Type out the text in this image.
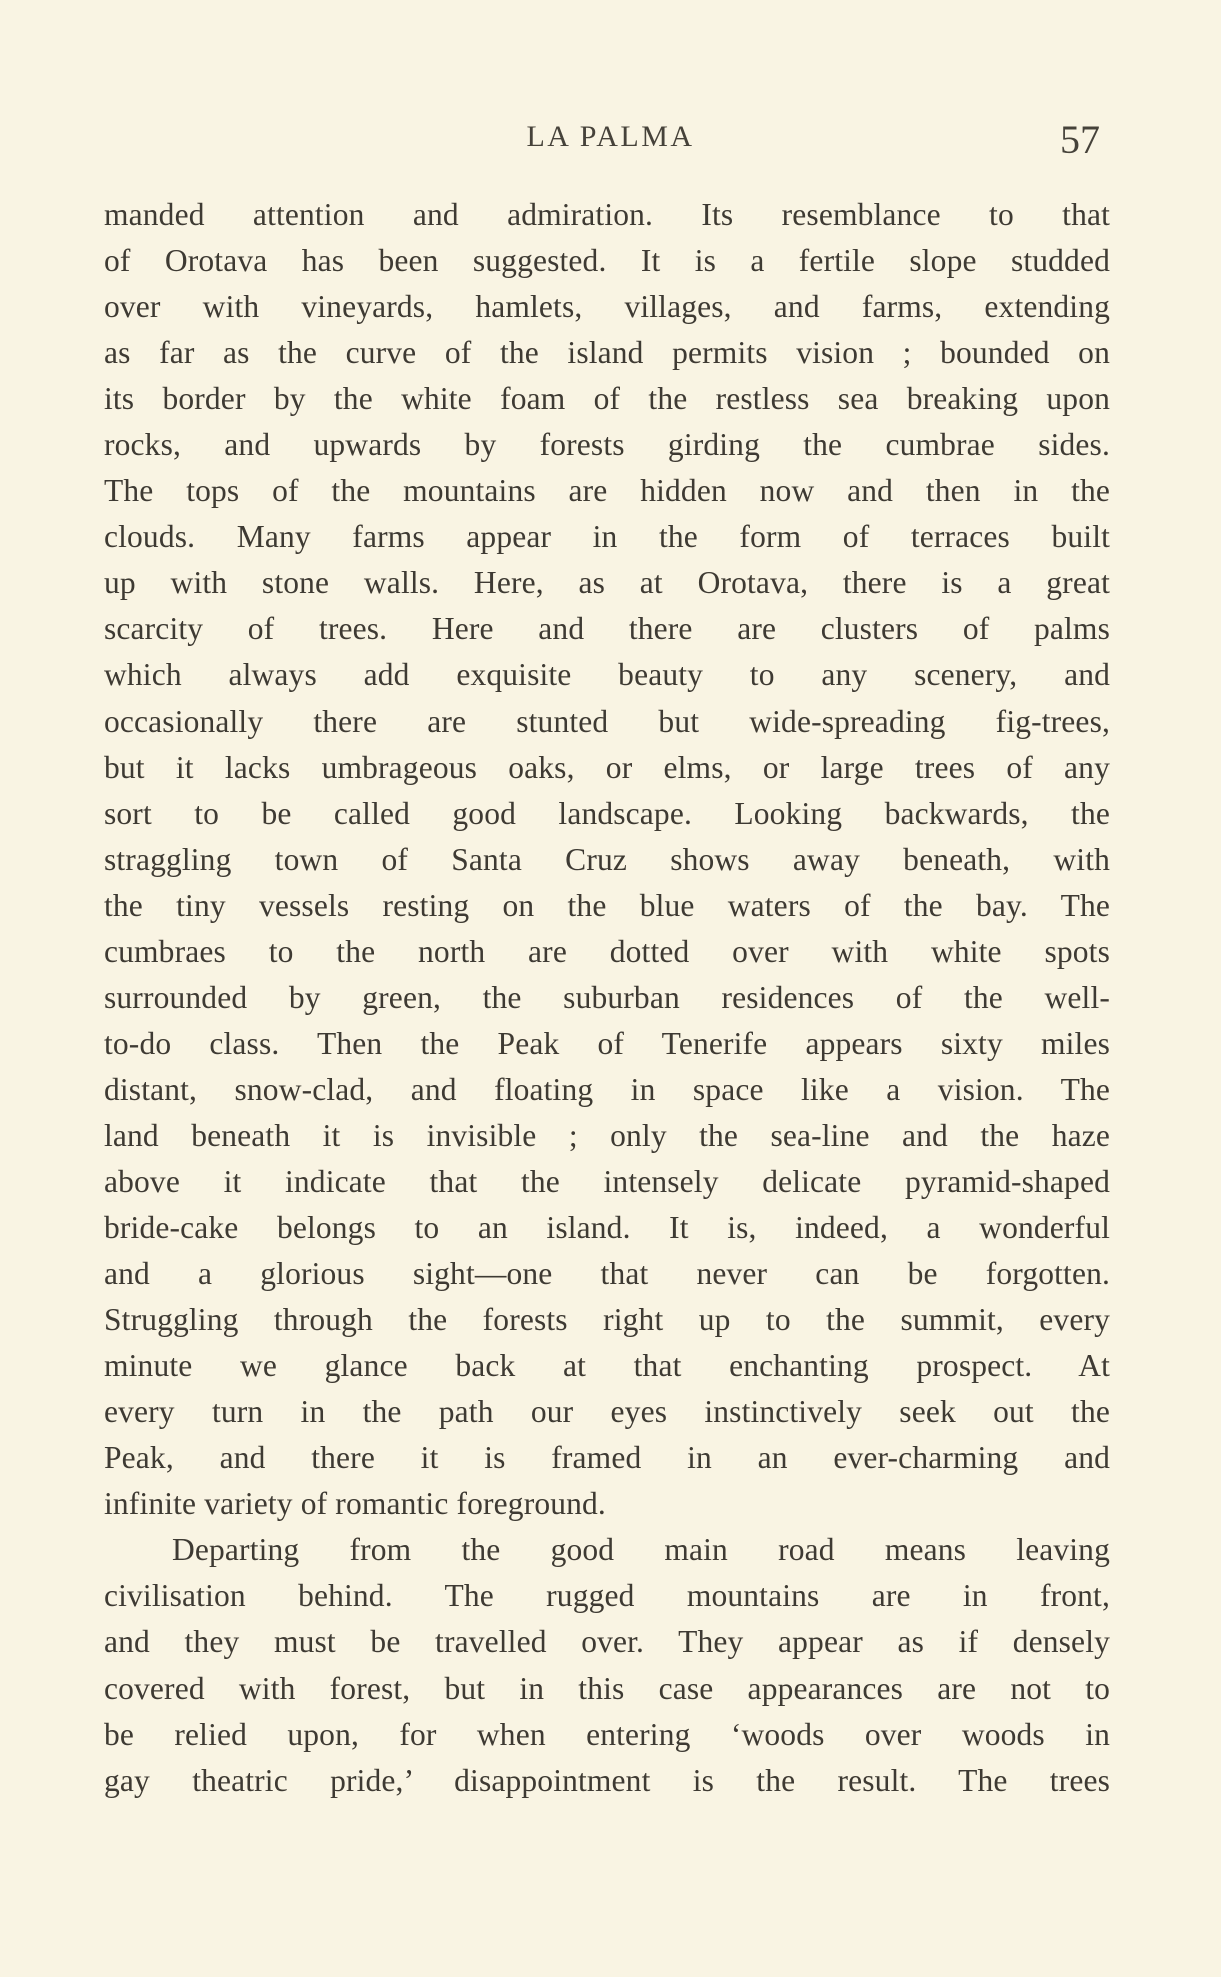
LA PALMA	57
manded attention and admiration. Its resemblance to that
of Orotava has been suggested. It is a fertile slope studded
over with vineyards, hamlets, villages, and farms, extending
as far as the curve of the island permits vision ; bounded on
its border by the white foam of the restless sea breaking upon
rocks, and upwards by forests girding the cumbrae sides.
The tops of the mountains are hidden now and then in the
clouds. Many farms appear in the form of terraces built
up with stone walls. Here, as at Orotava, there is a great
scarcity of trees. Here and there are clusters of palms
which always add exquisite beauty to any scenery, and
occasionally there are stunted but wide-spreading fig-trees,
but it lacks umbrageous oaks, or elms, or large trees of any
sort to be called good landscape. Looking backwards, the
straggling town of Santa Cruz shows away beneath, with
the tiny vessels resting on the blue waters of the bay. The
cumbraes to the north are dotted over with white spots
surrounded by green, the suburban residences of the well-
to-do class. Then the Peak of Tenerife appears sixty miles
distant, snow-clad, and floating in space like a vision. The
land beneath it is invisible ; only the sea-line and the haze
above it indicate that the intensely delicate pyramid-shaped
bride-cake belongs to an island. It is, indeed, a wonderful
and a glorious sight—one that never can be forgotten.
Struggling through the forests right up to the summit, every
minute we glance back at that enchanting prospect. At
every turn in the path our eyes instinctively seek out the
Peak, and there it is framed in an ever-charming and
infinite variety of romantic foreground.
Departing from the good main road means leaving
civilisation behind. The rugged mountains are in front,
and they must be travelled over. They appear as if densely
covered with forest, but in this case appearances are not to
be relied upon, for when entering ‘woods over woods in
gay theatric pride,’ disappointment is the result. The trees
